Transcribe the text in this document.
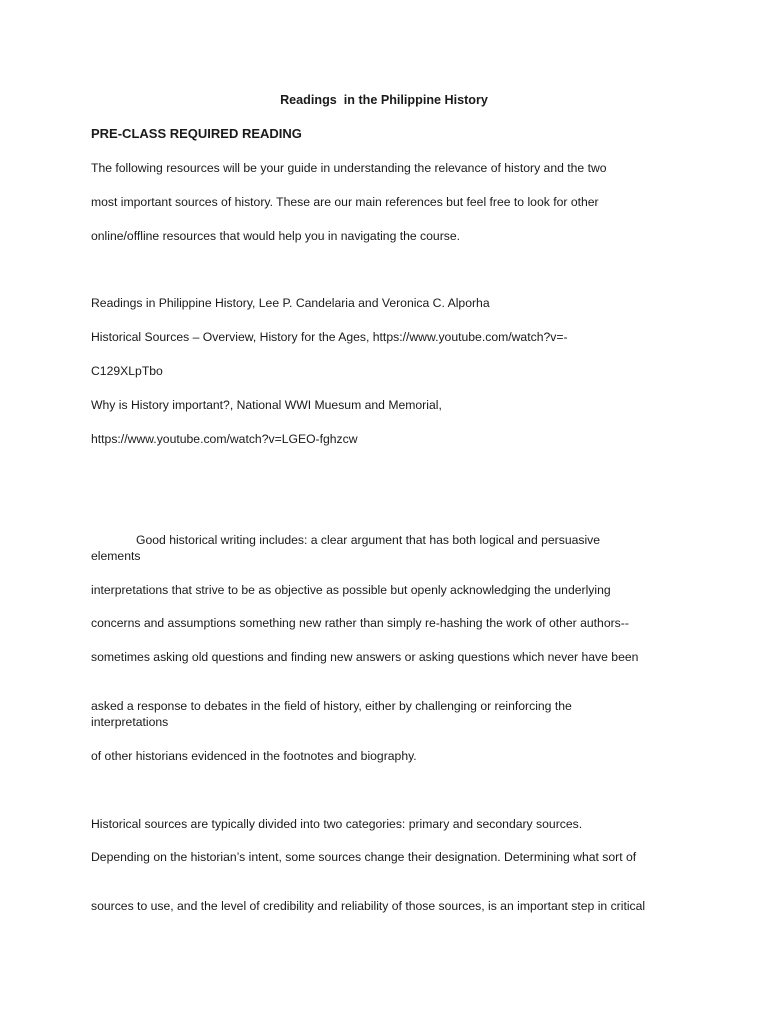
Readings  in the Philippine History
PRE-CLASS REQUIRED READING
The following resources will be your guide in understanding the relevance of history and the two
most important sources of history. These are our main references but feel free to look for other
online/offline resources that would help you in navigating the course.
Readings in Philippine History, Lee P. Candelaria and Veronica C. Alporha
Historical Sources – Overview, History for the Ages, https://www.youtube.com/watch?v=-
C129XLpTbo
Why is History important?, National WWI Muesum and Memorial,
https://www.youtube.com/watch?v=LGEO-fghzcw
Good historical writing includes: a clear argument that has both logical and persuasive elements
interpretations that strive to be as objective as possible but openly acknowledging the underlying
concerns and assumptions something new rather than simply re-hashing the work of other authors--
sometimes asking old questions and finding new answers or asking questions which never have been
asked a response to debates in the field of history, either by challenging or reinforcing the interpretations
of other historians evidenced in the footnotes and biography.
Historical sources are typically divided into two categories: primary and secondary sources.
Depending on the historian’s intent, some sources change their designation. Determining what sort of
sources to use, and the level of credibility and reliability of those sources, is an important step in critical
